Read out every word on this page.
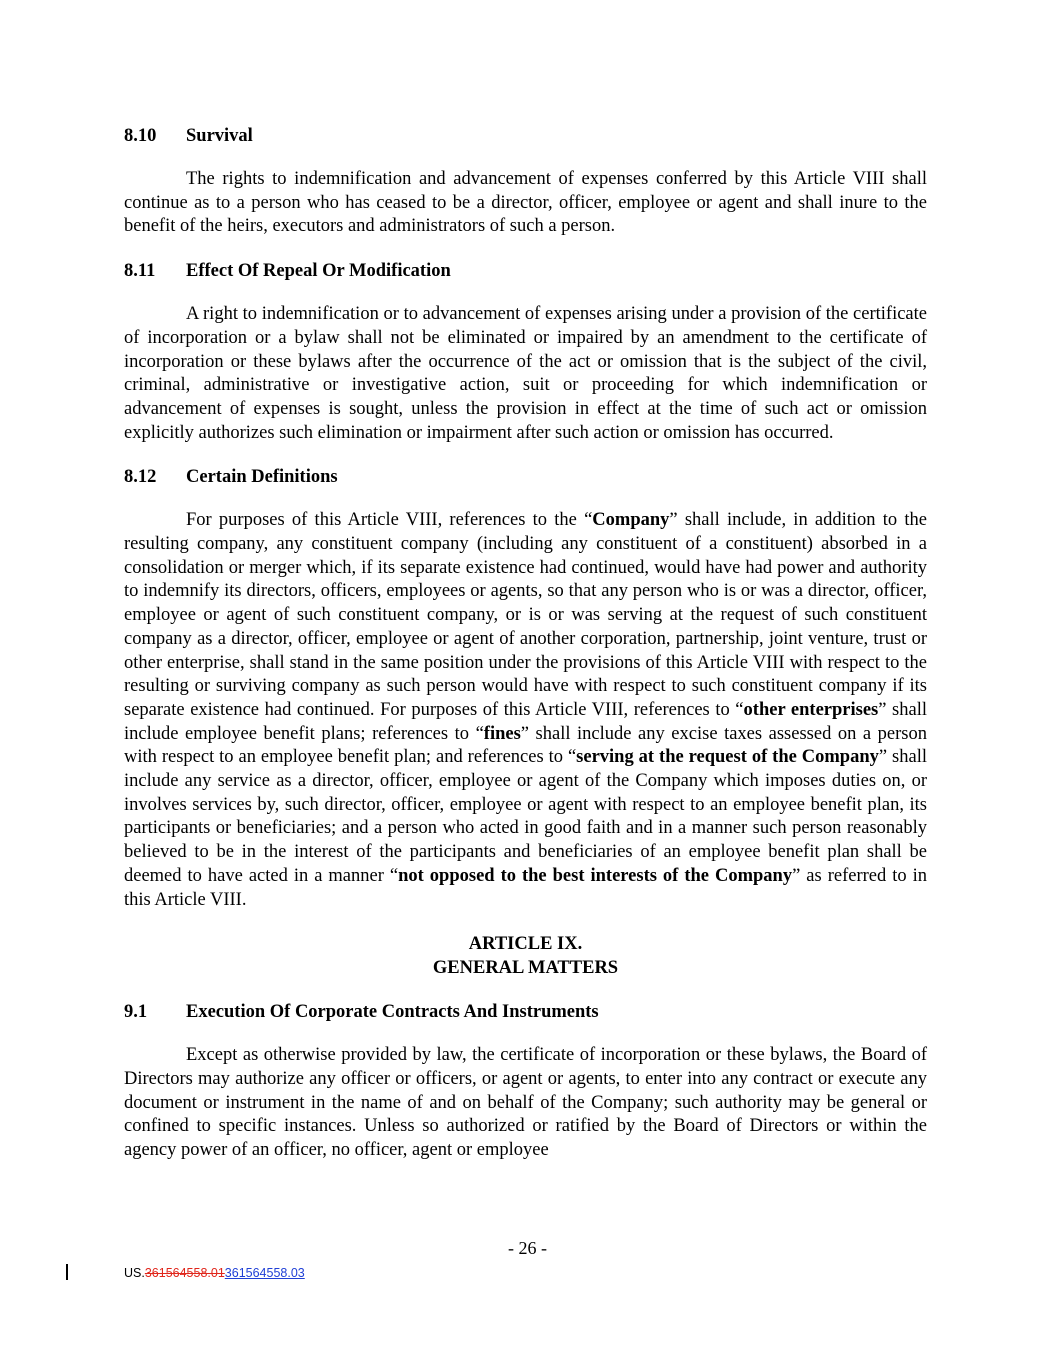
8.10	Survival

The rights to indemnification and advancement of expenses conferred by this Article VIII shall continue as to a person who has ceased to be a director, officer, employee or agent and shall inure to the benefit of the heirs, executors and administrators of such a person.

8.11	Effect Of Repeal Or Modification

A right to indemnification or to advancement of expenses arising under a provision of the certificate of incorporation or a bylaw shall not be eliminated or impaired by an amendment to the certificate of incorporation or these bylaws after the occurrence of the act or omission that is the subject of the civil, criminal, administrative or investigative action, suit or proceeding for which indemnification or advancement of expenses is sought, unless the provision in effect at the time of such act or omission explicitly authorizes such elimination or impairment after such action or omission has occurred.

8.12	Certain Definitions

For purposes of this Article VIII, references to the “Company” shall include, in addition to the resulting company, any constituent company (including any constituent of a constituent) absorbed in a consolidation or merger which, if its separate existence had continued, would have had power and authority to indemnify its directors, officers, employees or agents, so that any person who is or was a director, officer, employee or agent of such constituent company, or is or was serving at the request of such constituent company as a director, officer, employee or agent of another corporation, partnership, joint venture, trust or other enterprise, shall stand in the same position under the provisions of this Article VIII with respect to the resulting or surviving company as such person would have with respect to such constituent company if its separate existence had continued. For purposes of this Article VIII, references to “other enterprises” shall include employee benefit plans; references to “fines” shall include any excise taxes assessed on a person with respect to an employee benefit plan; and references to “serving at the request of the Company” shall include any service as a director, officer, employee or agent of the Company which imposes duties on, or involves services by, such director, officer, employee or agent with respect to an employee benefit plan, its participants or beneficiaries; and a person who acted in good faith and in a manner such person reasonably believed to be in the interest of the participants and beneficiaries of an employee benefit plan shall be deemed to have acted in a manner “not opposed to the best interests of the Company” as referred to in this Article VIII.

ARTICLE IX.
GENERAL MATTERS
9.1	Execution Of Corporate Contracts And Instruments

Except as otherwise provided by law, the certificate of incorporation or these bylaws, the Board of Directors may authorize any officer or officers, or agent or agents, to enter into any contract or execute any document or instrument in the name of and on behalf of the Company; such authority may be general or confined to specific instances. Unless so authorized or ratified by the Board of Directors or within the agency power of an officer, no officer, agent or employee

- 26 -
US.361564558.01361564558.03
